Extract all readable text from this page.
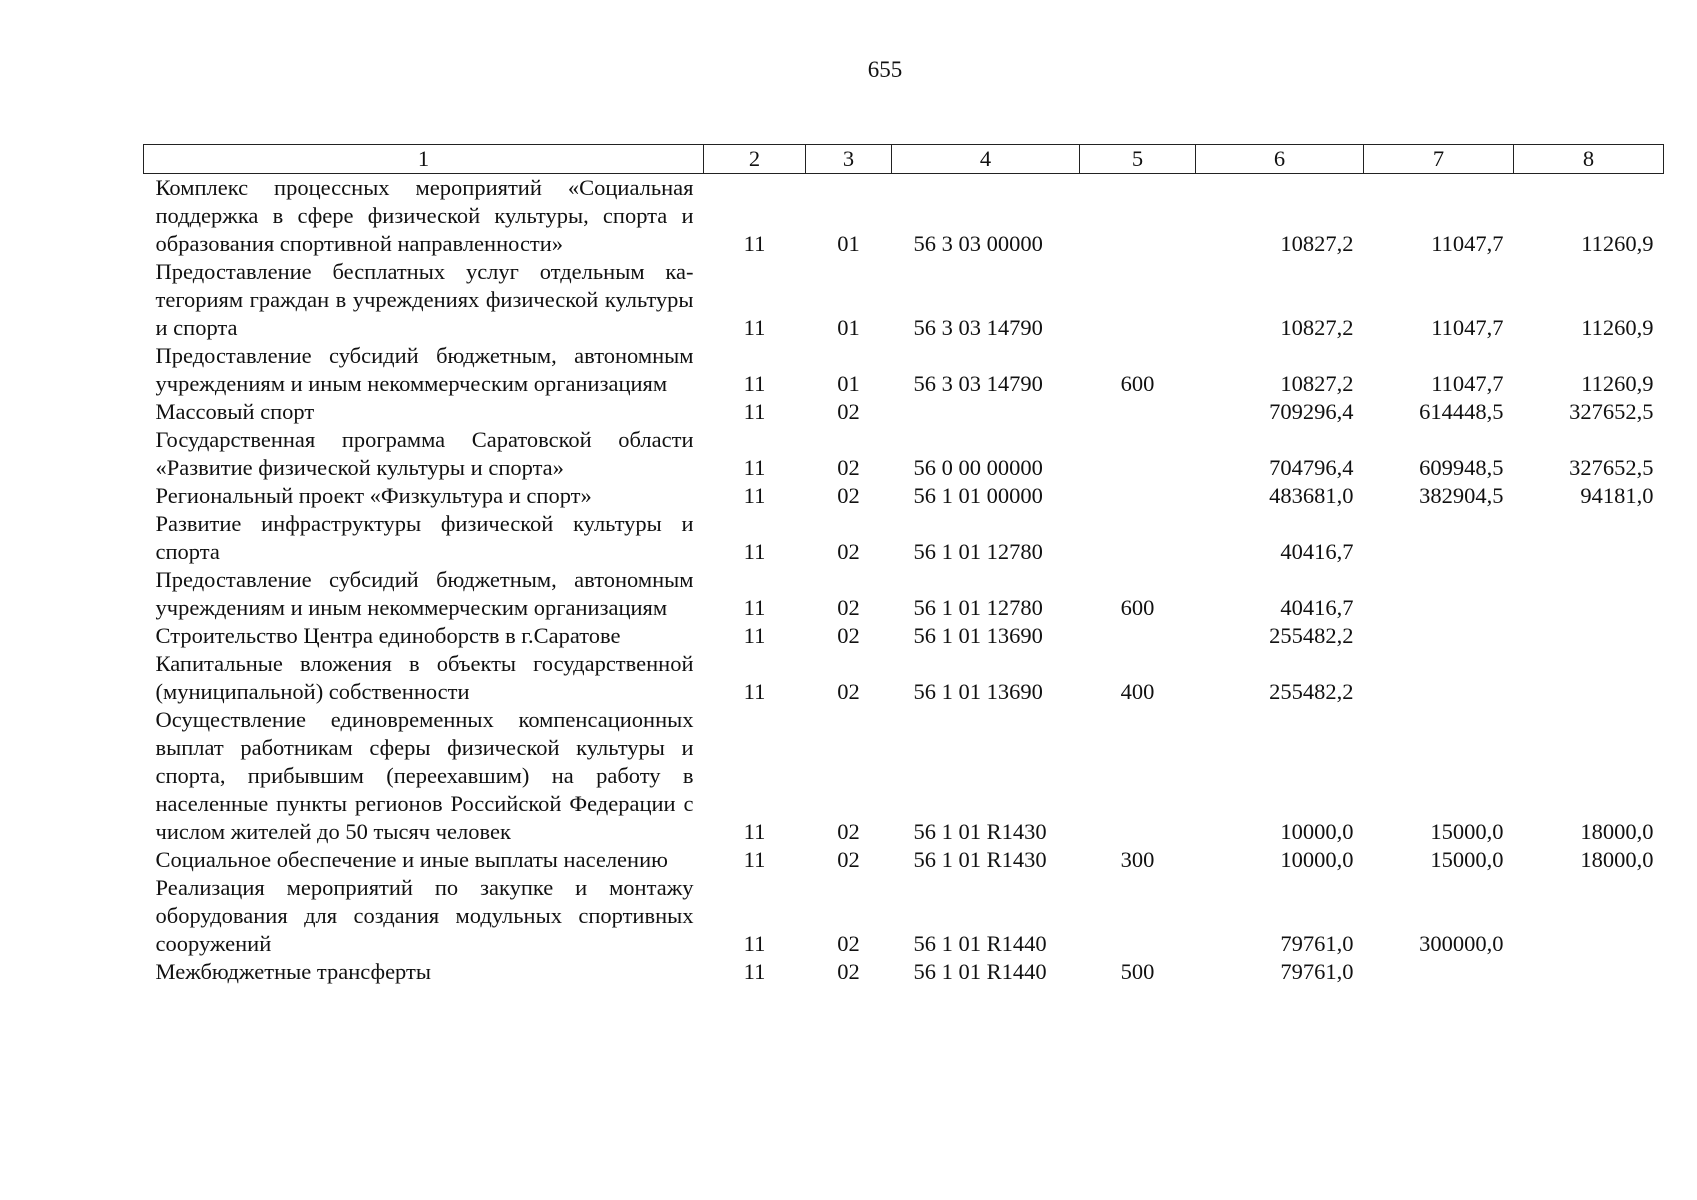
655
1	2	3	4	5	6	7	8
Комплекс процессных мероприятий «Социальная поддержка в сфере физической культуры, спорта и образования спортивной направленности»	11	01	56 3 03 00000		10827,2	11047,7	11260,9
Предоставление бесплатных услуг отдельным категориям граждан в учреждениях физической культуры и спорта	11	01	56 3 03 14790		10827,2	11047,7	11260,9
Предоставление субсидий бюджетным, автономным учреждениям и иным некоммерческим организациям	11	01	56 3 03 14790	600	10827,2	11047,7	11260,9
Массовый спорт	11	02			709296,4	614448,5	327652,5
Государственная программа Саратовской области «Развитие физической культуры и спорта»	11	02	56 0 00 00000		704796,4	609948,5	327652,5
Региональный проект «Физкультура и спорт»	11	02	56 1 01 00000		483681,0	382904,5	94181,0
Развитие инфраструктуры физической культуры и спорта	11	02	56 1 01 12780		40416,7		
Предоставление субсидий бюджетным, автономным учреждениям и иным некоммерческим организациям	11	02	56 1 01 12780	600	40416,7		
Строительство Центра единоборств в г.Саратове	11	02	56 1 01 13690		255482,2		
Капитальные вложения в объекты государственной (муниципальной) собственности	11	02	56 1 01 13690	400	255482,2		
Осуществление единовременных компенсационных выплат работникам сферы физической культуры и спорта, прибывшим (переехавшим) на работу в населенные пункты регионов Российской Федерации с числом жителей до 50 тысяч человек	11	02	56 1 01 R1430		10000,0	15000,0	18000,0
Социальное обеспечение и иные выплаты населению	11	02	56 1 01 R1430	300	10000,0	15000,0	18000,0
Реализация мероприятий по закупке и монтажу оборудования для создания модульных спортивных сооружений	11	02	56 1 01 R1440		79761,0	300000,0	
Межбюджетные трансферты	11	02	56 1 01 R1440	500	79761,0		
